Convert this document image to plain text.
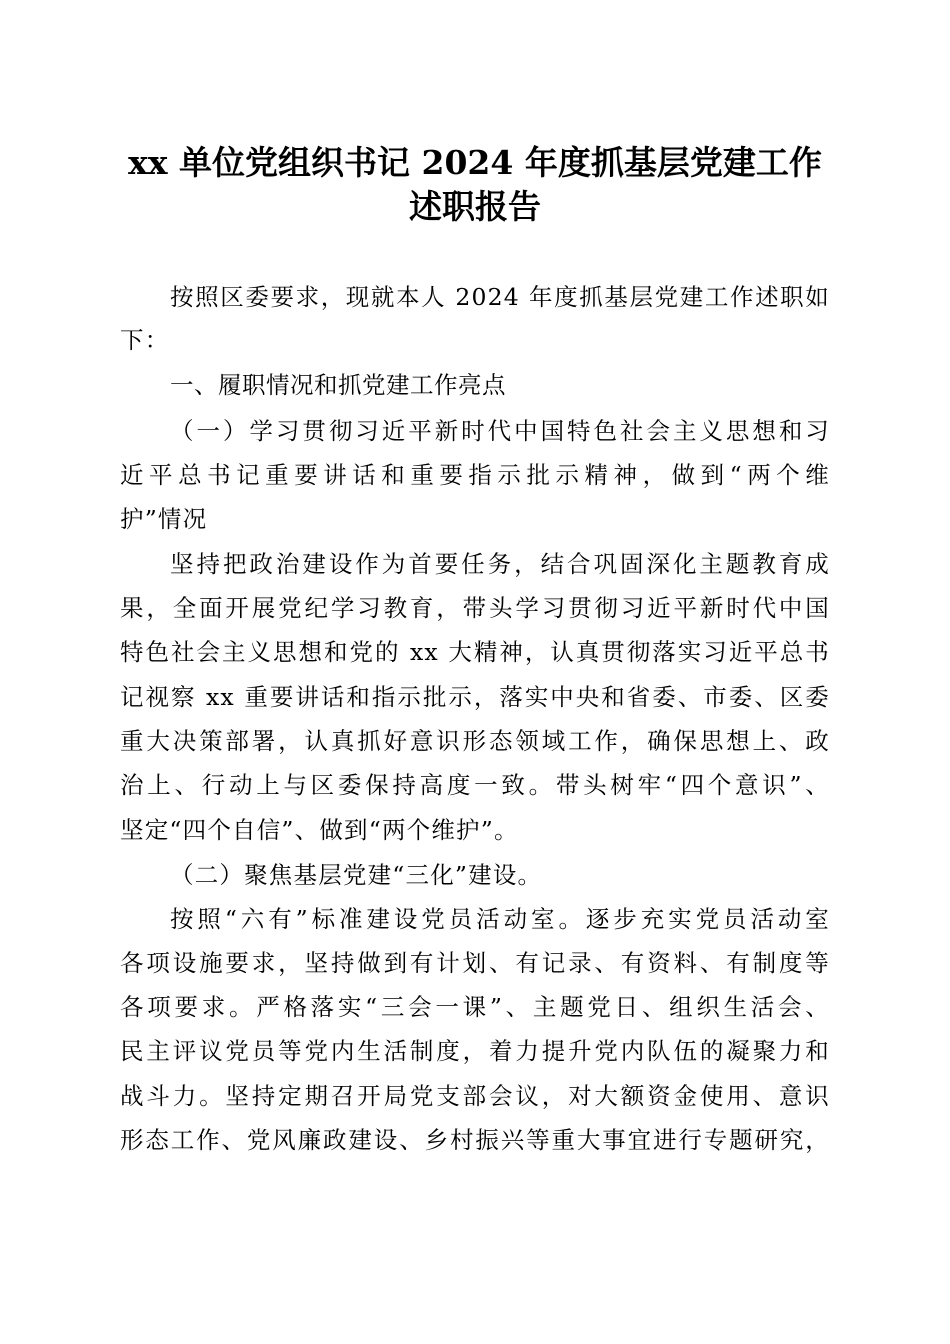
xx 单位党组织书记 2024 年度抓基层党建工作
述职报告
按照区委要求，现就本人 2024 年度抓基层党建工作述职如
下：
一、履职情况和抓党建工作亮点
（一）学习贯彻习近平新时代中国特色社会主义思想和习
近平总书记重要讲话和重要指示批示精神，做到“两个维
护”情况
坚持把政治建设作为首要任务，结合巩固深化主题教育成
果，全面开展党纪学习教育，带头学习贯彻习近平新时代中国
特色社会主义思想和党的 xx 大精神，认真贯彻落实习近平总书
记视察 xx 重要讲话和指示批示，落实中央和省委、市委、区委
重大决策部署，认真抓好意识形态领域工作，确保思想上、政
治上、行动上与区委保持高度一致。带头树牢“四个意识”、
坚定“四个自信”、做到“两个维护”。
（二）聚焦基层党建“三化”建设。
按照“六有”标准建设党员活动室。逐步充实党员活动室
各项设施要求，坚持做到有计划、有记录、有资料、有制度等
各项要求。严格落实“三会一课”、主题党日、组织生活会、
民主评议党员等党内生活制度，着力提升党内队伍的凝聚力和
战斗力。坚持定期召开局党支部会议，对大额资金使用、意识
形态工作、党风廉政建设、乡村振兴等重大事宜进行专题研究，
